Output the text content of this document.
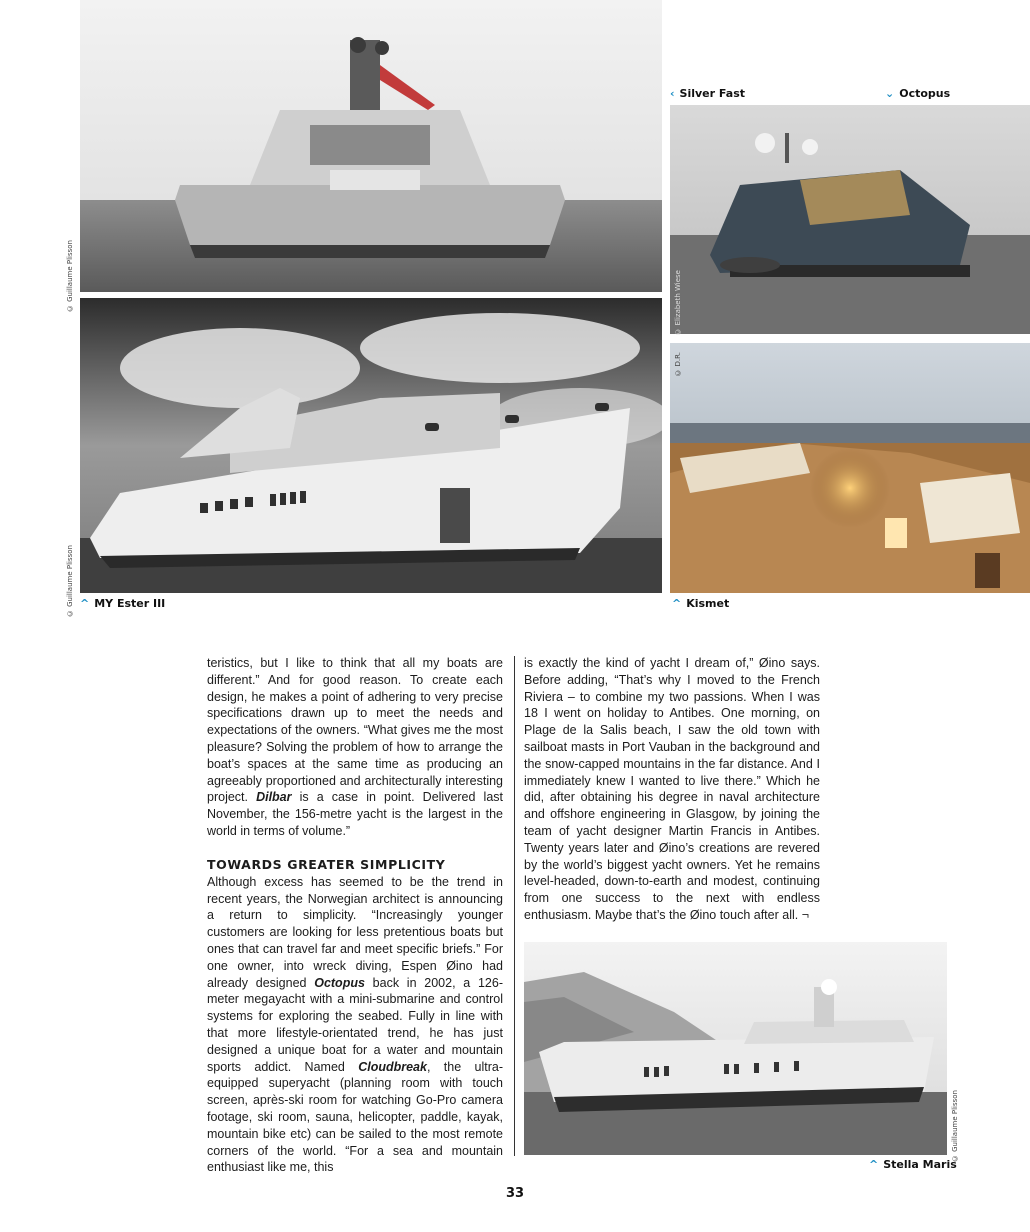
© Guillaume Plisson
© Guillaume Plisson
© Elizabeth Wiese
© D.R.
© Guillaume Plisson
‹ Silver Fast	⌄ Octopus
^ MY Ester III	^ Kismet
^ Stella Maris

teristics, but I like to think that all my boats are different.” And for good reason. To create each design, he makes a point of adhering to very precise specifications drawn up to meet the needs and expectations of the owners. “What gives me the most pleasure? Solving the problem of how to arrange the boat’s spaces at the same time as producing an agreeably proportioned and architecturally interesting project. Dilbar is a case in point. Delivered last November, the 156-metre yacht is the largest in the world in terms of volume.”

TOWARDS GREATER SIMPLICITY

Although excess has seemed to be the trend in recent years, the Norwegian architect is announcing a return to simplicity. “Increasingly younger customers are looking for less pretentious boats but ones that can travel far and meet specific briefs.” For one owner, into wreck diving, Espen Øino had already designed Octopus back in 2002, a 126-meter megayacht with a mini-submarine and control systems for exploring the seabed. Fully in line with that more lifestyle-orientated trend, he has just designed a unique boat for a water and mountain sports addict. Named Cloudbreak, the ultra-equipped superyacht (planning room with touch screen, après-ski room for watching Go-Pro camera footage, ski room, sauna, helicopter, paddle, kayak, mountain bike etc) can be sailed to the most remote corners of the world. “For a sea and mountain enthusiast like me, this

is exactly the kind of yacht I dream of,” Øino says. Before adding, “That’s why I moved to the French Riviera – to combine my two passions. When I was 18 I went on holiday to Antibes. One morning, on Plage de la Salis beach, I saw the old town with sailboat masts in Port Vauban in the background and the snow-capped mountains in the far distance. And I immediately knew I wanted to live there.” Which he did, after obtaining his degree in naval architecture and offshore engineering in Glasgow, by joining the team of yacht designer Martin Francis in Antibes. Twenty years later and Øino’s creations are revered by the world’s biggest yacht owners. Yet he remains level-headed, down-to-earth and modest, continuing from one success to the next with endless enthusiasm. Maybe that’s the Øino touch after all. ¬

33
